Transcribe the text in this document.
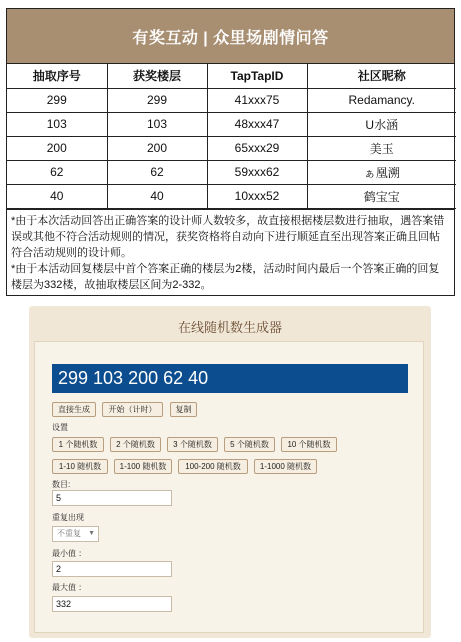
有奖互动 | 众里场剧情问答
抽取序号	获奖楼层	TapTapID	社区昵称
299	299	41xxx75	Redamancy.
103	103	48xxx47	U水涵
200	200	65xxx29	美玉
62	62	59xxx62	ぁ凰溯
40	40	10xxx52	鹤宝宝
*由于本次活动回答出正确答案的设计师人数较多，故直接根据楼层数进行抽取，遇答案错误或其他不符合活动规则的情况，获奖资格将自动向下进行顺延直至出现答案正确且回帖符合活动规则的设计师。
*由于本活动回复楼层中首个答案正确的楼层为2楼，活动时间内最后一个答案正确的回复楼层为332楼，故抽取楼层区间为2-332。
在线随机数生成器
299 103 200 62 40
直接生成	开始（计时）	复制
设置
1 个随机数	2 个随机数	3 个随机数	5 个随机数	10 个随机数
1-10 随机数	1-100 随机数	100-200 随机数	1-1000 随机数
数目:
5
重复出现
不重复 ▼
最小值 ：
2
最大值 ：
332
